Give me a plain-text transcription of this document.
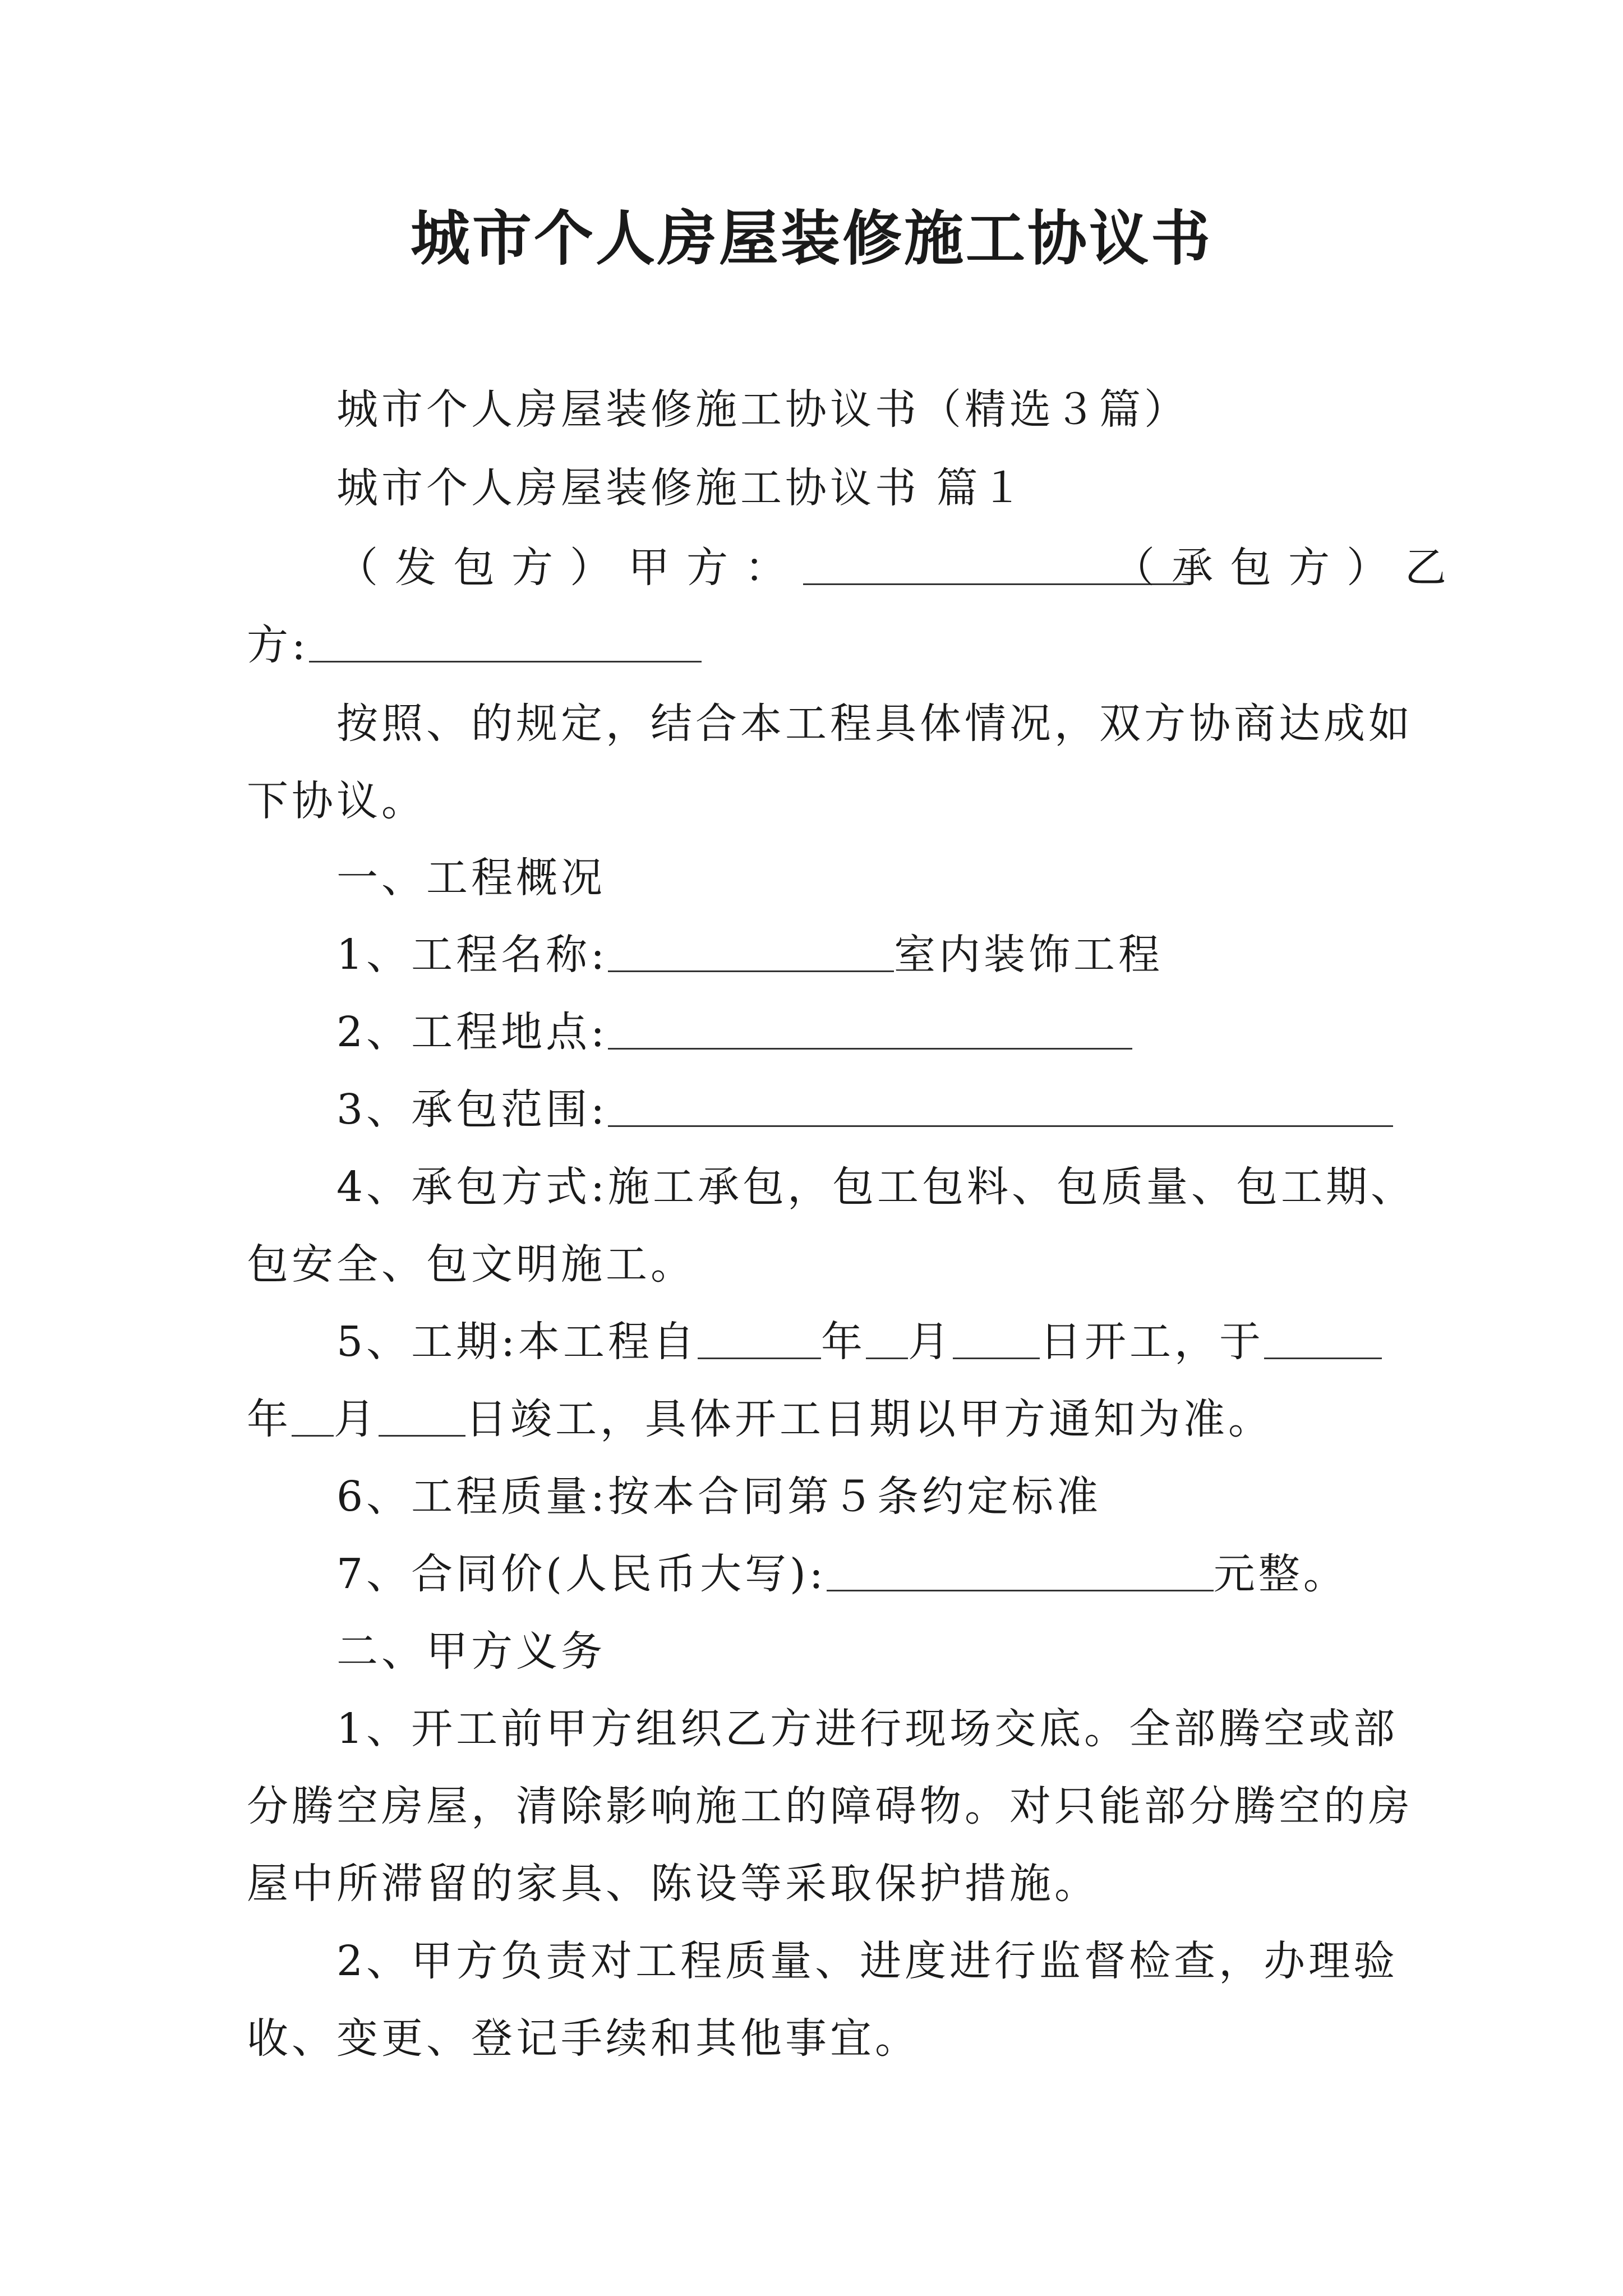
城市个人房屋装修施工协议书
城市个人房屋装修施工协议书（精选３篇）
城市个人房屋装修施工协议书 篇１
（发包方）甲方：	（承包方）乙
方:
按照、的规定，结合本工程具体情况，双方协商达成如
下协议。
一、工程概况
1、工程名称:	室内装饰工程
2、工程地点:
3、承包范围:
4、承包方式:施工承包，包工包料、包质量、包工期、
包安全、包文明施工。
5、工期:本工程自	年 月 日开工，于
年 月 日竣工，具体开工日期以甲方通知为准。
6、工程质量:按本合同第５条约定标准
7、合同价(人民币大写):	元整。
二、甲方义务
1、开工前甲方组织乙方进行现场交底。全部腾空或部
分腾空房屋，清除影响施工的障碍物。对只能部分腾空的房
屋中所滞留的家具、陈设等采取保护措施。
2、甲方负责对工程质量、进度进行监督检查，办理验
收、变更、登记手续和其他事宜。
